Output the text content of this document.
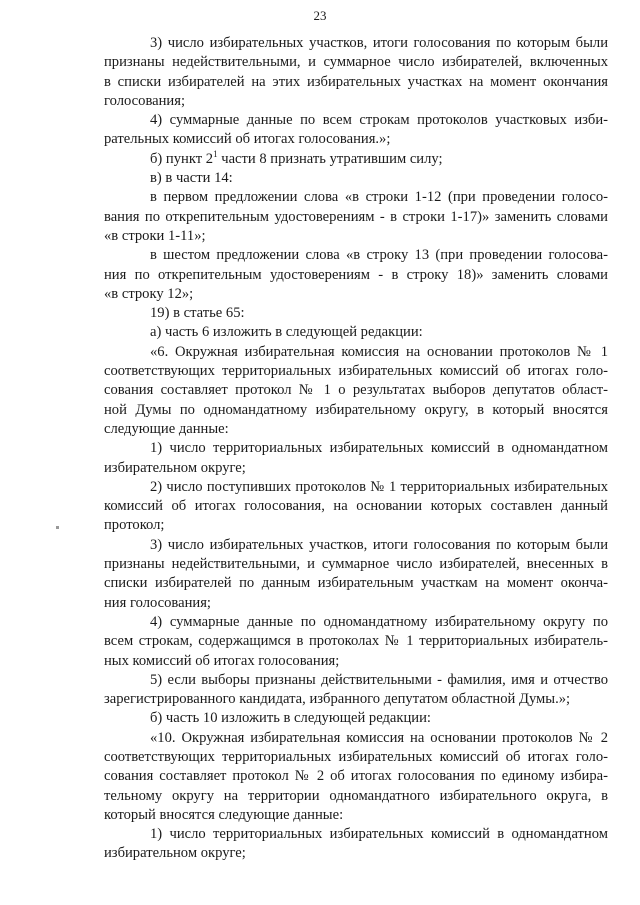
23
3) число избирательных участков, итоги голосования по которым были
признаны недействительными, и суммарное число избирателей, включенных
в списки избирателей на этих избирательных участках на момент окончания
голосования;
4) суммарные данные по всем строкам протоколов участковых изби-
рательных комиссий об итогах голосования.»;
б) пункт $2^1$ части 8 признать утратившим силу;
в) в части 14:
в первом предложении слова «в строки 1-12 (при проведении голосо-
вания по открепительным удостоверениям - в строки 1-17)» заменить словами
«в строки 1-11»;
в шестом предложении слова «в строку 13 (при проведении голосова-
ния по открепительным удостоверениям - в строку 18)» заменить словами
«в строку 12»;
19) в статье 65:
а) часть 6 изложить в следующей редакции:
«6. Окружная избирательная комиссия на основании протоколов № 1
соответствующих территориальных избирательных комиссий об итогах голо-
сования составляет протокол № 1 о результатах выборов депутатов област-
ной Думы по одномандатному избирательному округу, в который вносятся
следующие данные:
1) число территориальных избирательных комиссий в одномандатном
избирательном округе;
2) число поступивших протоколов № 1 территориальных избирательных
комиссий об итогах голосования, на основании которых составлен данный
протокол;
3) число избирательных участков, итоги голосования по которым были
признаны недействительными, и суммарное число избирателей, внесенных в
списки избирателей по данным избирательным участкам на момент оконча-
ния голосования;
4) суммарные данные по одномандатному избирательному округу по
всем строкам, содержащимся в протоколах № 1 территориальных избиратель-
ных комиссий об итогах голосования;
5) если выборы признаны действительными - фамилия, имя и отчество
зарегистрированного кандидата, избранного депутатом областной Думы.»;
б) часть 10 изложить в следующей редакции:
«10. Окружная избирательная комиссия на основании протоколов № 2
соответствующих территориальных избирательных комиссий об итогах голо-
сования составляет протокол № 2 об итогах голосования по единому избира-
тельному округу на территории одномандатного избирательного округа, в
который вносятся следующие данные:
1) число территориальных избирательных комиссий в одномандатном
избирательном округе;
